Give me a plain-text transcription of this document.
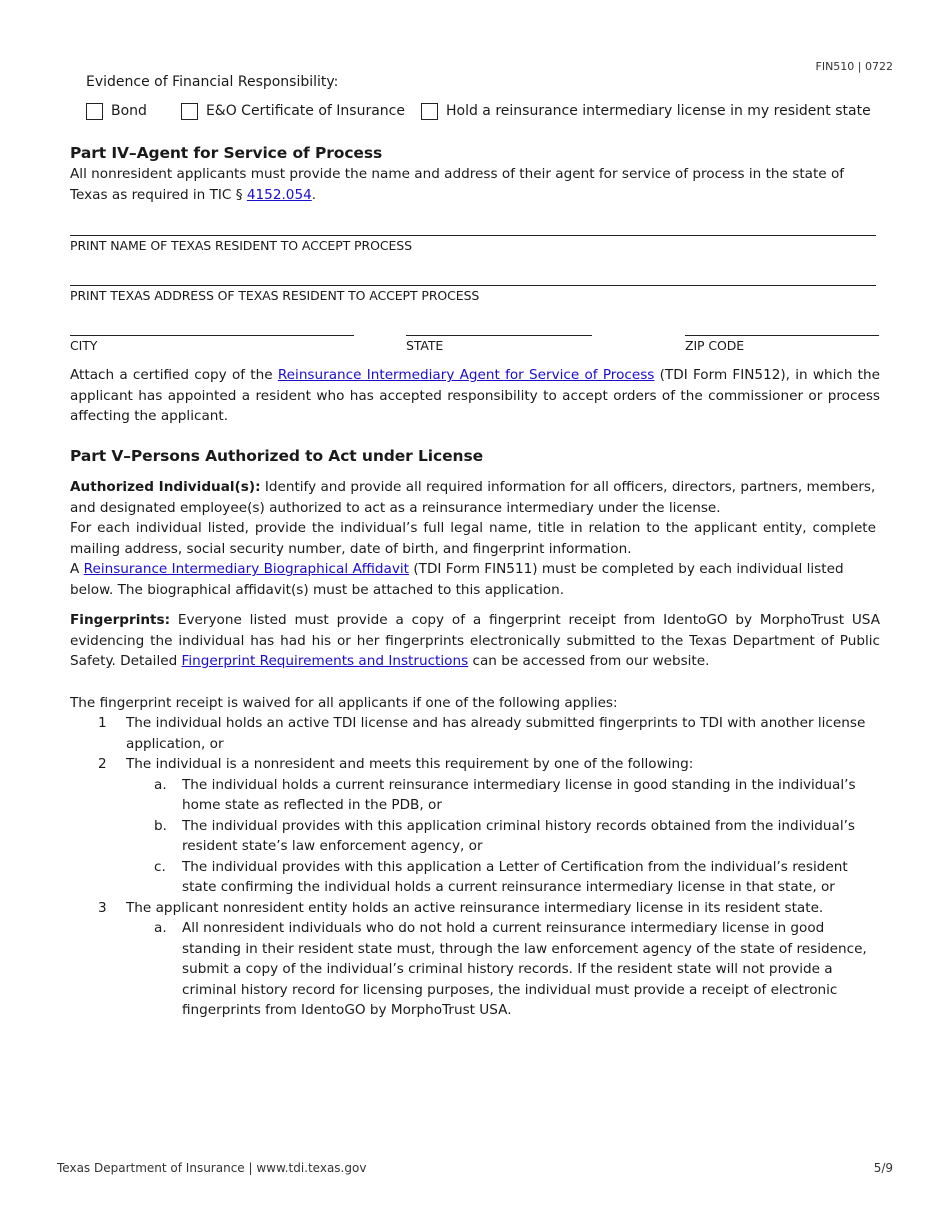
FIN510 | 0722
Evidence of Financial Responsibility:
Bond	E&O Certificate of Insurance	Hold a reinsurance intermediary license in my resident state
Part IV–Agent for Service of Process
All nonresident applicants must provide the name and address of their agent for service of process in the state of Texas as required in TIC § 4152.054.
PRINT NAME OF TEXAS RESIDENT TO ACCEPT PROCESS
PRINT TEXAS ADDRESS OF TEXAS RESIDENT TO ACCEPT PROCESS
CITY	STATE	ZIP CODE
Attach a certified copy of the Reinsurance Intermediary Agent for Service of Process (TDI Form FIN512), in which the applicant has appointed a resident who has accepted responsibility to accept orders of the commissioner or process affecting the applicant.
Part V–Persons Authorized to Act under License
Authorized Individual(s): Identify and provide all required information for all officers, directors, partners, members, and designated employee(s) authorized to act as a reinsurance intermediary under the license.
For each individual listed, provide the individual’s full legal name, title in relation to the applicant entity, complete mailing address, social security number, date of birth, and fingerprint information.
A Reinsurance Intermediary Biographical Affidavit (TDI Form FIN511) must be completed by each individual listed below. The biographical affidavit(s) must be attached to this application.
Fingerprints: Everyone listed must provide a copy of a fingerprint receipt from IdentoGO by MorphoTrust USA evidencing the individual has had his or her fingerprints electronically submitted to the Texas Department of Public Safety. Detailed Fingerprint Requirements and Instructions can be accessed from our website.
The fingerprint receipt is waived for all applicants if one of the following applies:
1 The individual holds an active TDI license and has already submitted fingerprints to TDI with another license application, or
2 The individual is a nonresident and meets this requirement by one of the following:
a. The individual holds a current reinsurance intermediary license in good standing in the individual’s home state as reflected in the PDB, or
b. The individual provides with this application criminal history records obtained from the individual’s resident state’s law enforcement agency, or
c. The individual provides with this application a Letter of Certification from the individual’s resident state confirming the individual holds a current reinsurance intermediary license in that state, or
3 The applicant nonresident entity holds an active reinsurance intermediary license in its resident state.
a. All nonresident individuals who do not hold a current reinsurance intermediary license in good standing in their resident state must, through the law enforcement agency of the state of residence, submit a copy of the individual’s criminal history records. If the resident state will not provide a criminal history record for licensing purposes, the individual must provide a receipt of electronic fingerprints from IdentoGO by MorphoTrust USA.
Texas Department of Insurance | www.tdi.texas.gov	5/9
